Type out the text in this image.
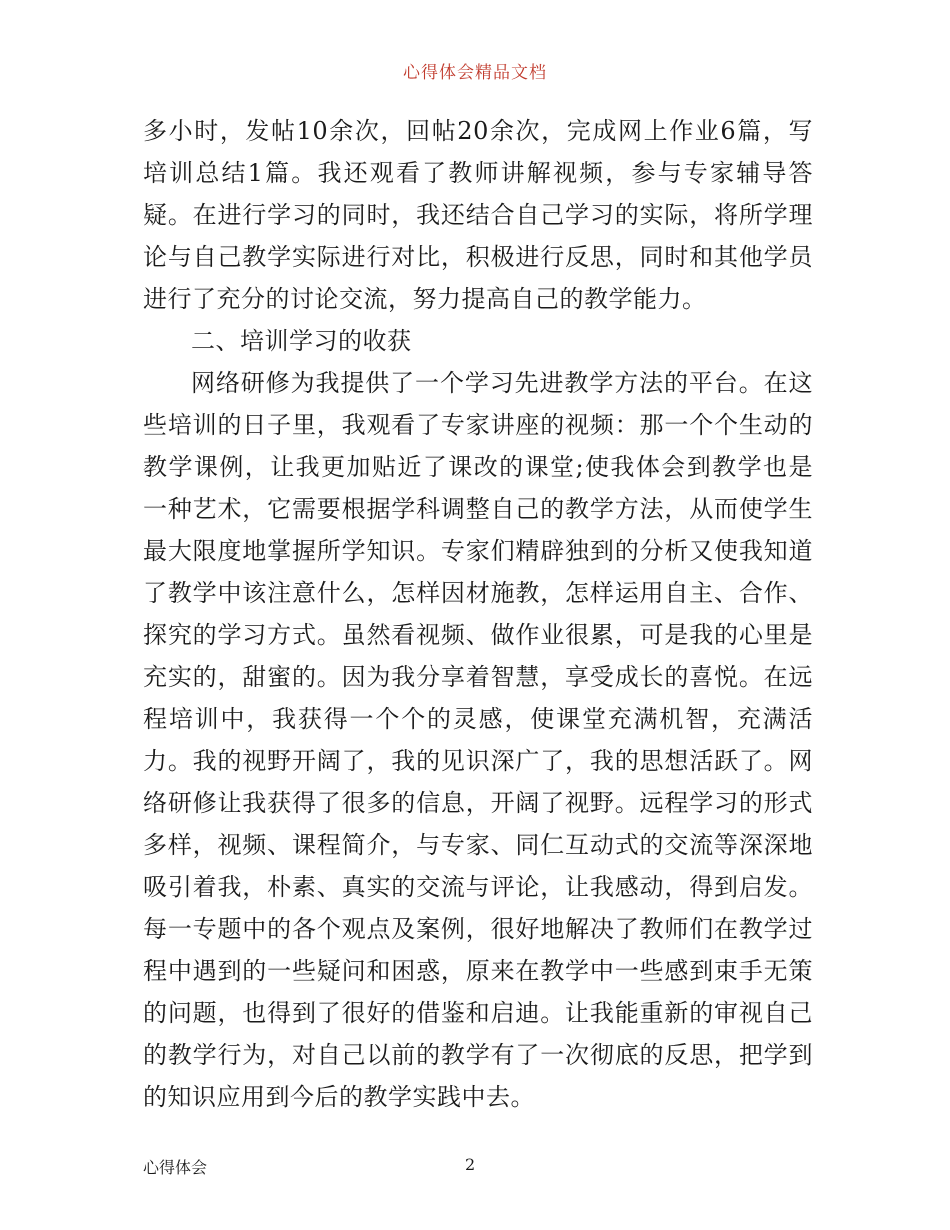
心得体会精品文档
多小时，发帖10余次，回帖20余次，完成网上作业6篇，写
培训总结1篇。我还观看了教师讲解视频，参与专家辅导答
疑。在进行学习的同时，我还结合自己学习的实际，将所学理
论与自己教学实际进行对比，积极进行反思，同时和其他学员
进行了充分的讨论交流，努力提高自己的教学能力。
二、培训学习的收获
网络研修为我提供了一个学习先进教学方法的平台。在这
些培训的日子里，我观看了专家讲座的视频：那一个个生动的
教学课例，让我更加贴近了课改的课堂;使我体会到教学也是
一种艺术，它需要根据学科调整自己的教学方法，从而使学生
最大限度地掌握所学知识。专家们精辟独到的分析又使我知道
了教学中该注意什么，怎样因材施教，怎样运用自主、合作、
探究的学习方式。虽然看视频、做作业很累，可是我的心里是
充实的，甜蜜的。因为我分享着智慧，享受成长的喜悦。在远
程培训中，我获得一个个的灵感，使课堂充满机智，充满活
力。我的视野开阔了，我的见识深广了，我的思想活跃了。网
络研修让我获得了很多的信息，开阔了视野。远程学习的形式
多样，视频、课程简介，与专家、同仁互动式的交流等深深地
吸引着我，朴素、真实的交流与评论，让我感动，得到启发。
每一专题中的各个观点及案例，很好地解决了教师们在教学过
程中遇到的一些疑问和困惑，原来在教学中一些感到束手无策
的问题，也得到了很好的借鉴和启迪。让我能重新的审视自己
的教学行为，对自己以前的教学有了一次彻底的反思，把学到
的知识应用到今后的教学实践中去。
心得体会	2
